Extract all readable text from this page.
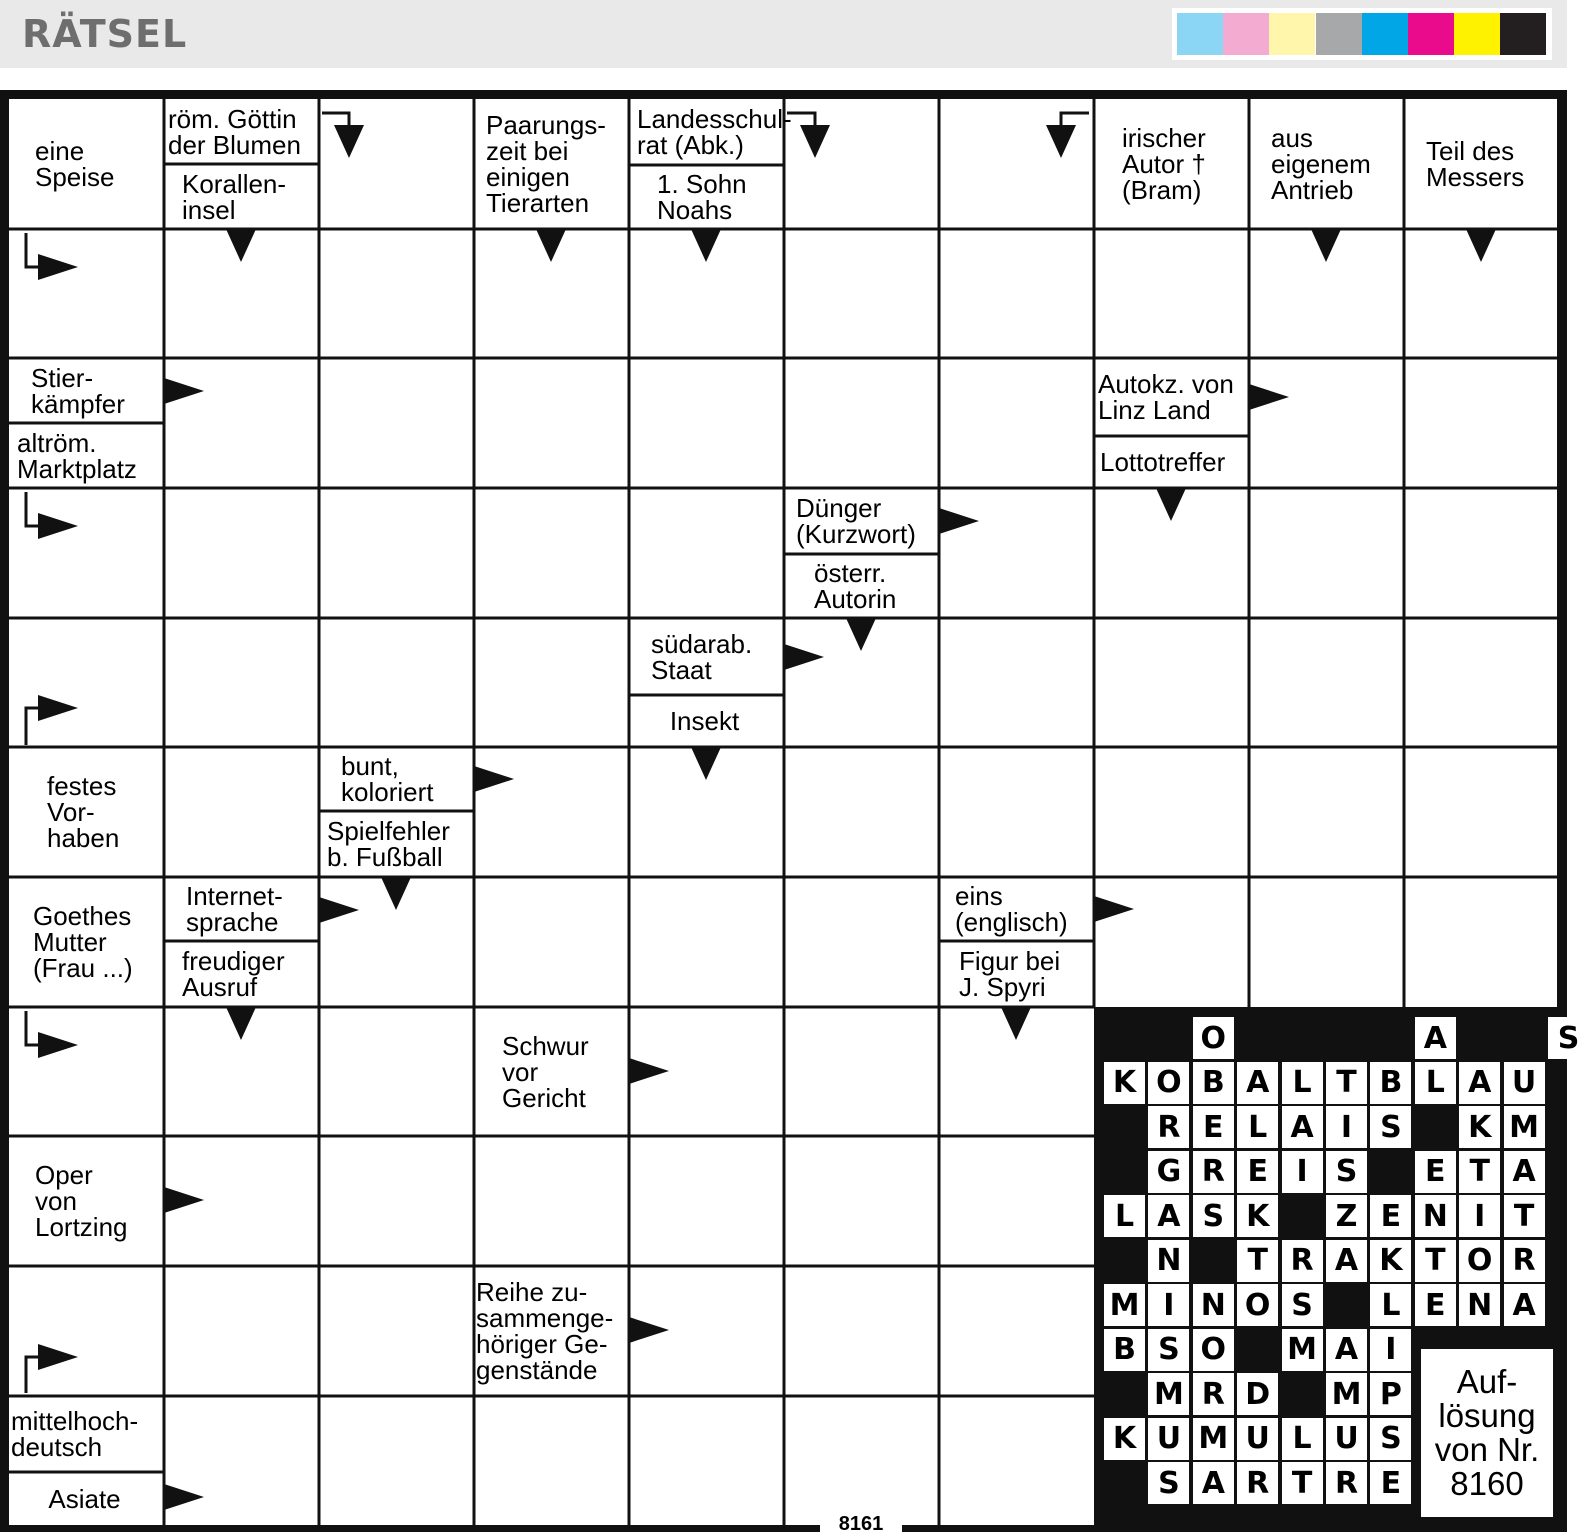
RÄTSEL
eine
Speise
röm. Göttin
der Blumen
Korallen-
insel
Paarungs-
zeit bei
einigen
Tierarten
Landesschul-
rat (Abk.)
1. Sohn
Noahs
irischer
Autor †
(Bram)
aus
eigenem
Antrieb
Teil des
Messers
Stier-
kämpfer
altröm.
Marktplatz
Autokz. von
Linz Land
Lottotreffer
Dünger
(Kurzwort)
österr.
Autorin
südarab.
Staat
Insekt
festes
Vor-
haben
bunt,
koloriert
Spielfehler
b. Fußball
Goethes
Mutter
(Frau ...)
Internet-
sprache
freudiger
Ausruf
eins
(englisch)
Figur bei
J. Spyri
Schwur
vor
Gericht
Oper
von
Lortzing
Reihe zu-
sammenge-
höriger Ge-
genstände
mittelhoch-
deutsch
Asiate
O	A	S
K O B A L T B L A U
R E L A I S	K M
G R E I S	E T A
L A S K	Z E N I T
N	T R A K T O R
M I N O S	L E N A
B S O M A I
M R D M P
K U M U L U S
S A R T R E
Auf-
lösung
von Nr.
8160
8161
